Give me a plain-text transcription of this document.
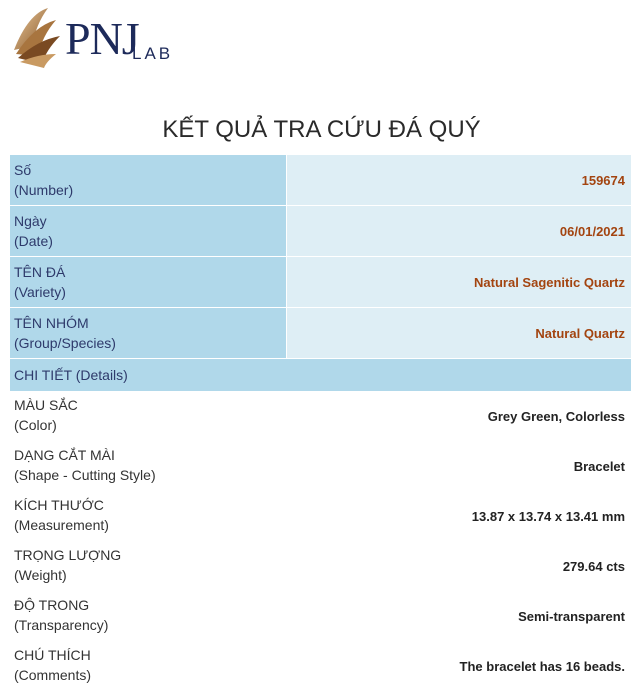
PNJ
LAB
KẾT QUẢ TRA CỨU ĐÁ QUÝ
Số
(Number)
159674
Ngày
(Date)
06/01/2021
TÊN ĐÁ
(Variety)
Natural Sagenitic Quartz
TÊN NHÓM
(Group/Species)
Natural Quartz
CHI TIẾT (Details)
MÀU SẮC
(Color)
Grey Green, Colorless
DẠNG CẮT MÀI
(Shape - Cutting Style)
Bracelet
KÍCH THƯỚC
(Measurement)
13.87 x 13.74 x 13.41 mm
TRỌNG LƯỢNG
(Weight)
279.64 cts
ĐỘ TRONG
(Transparency)
Semi-transparent
CHÚ THÍCH
(Comments)
The bracelet has 16 beads.
